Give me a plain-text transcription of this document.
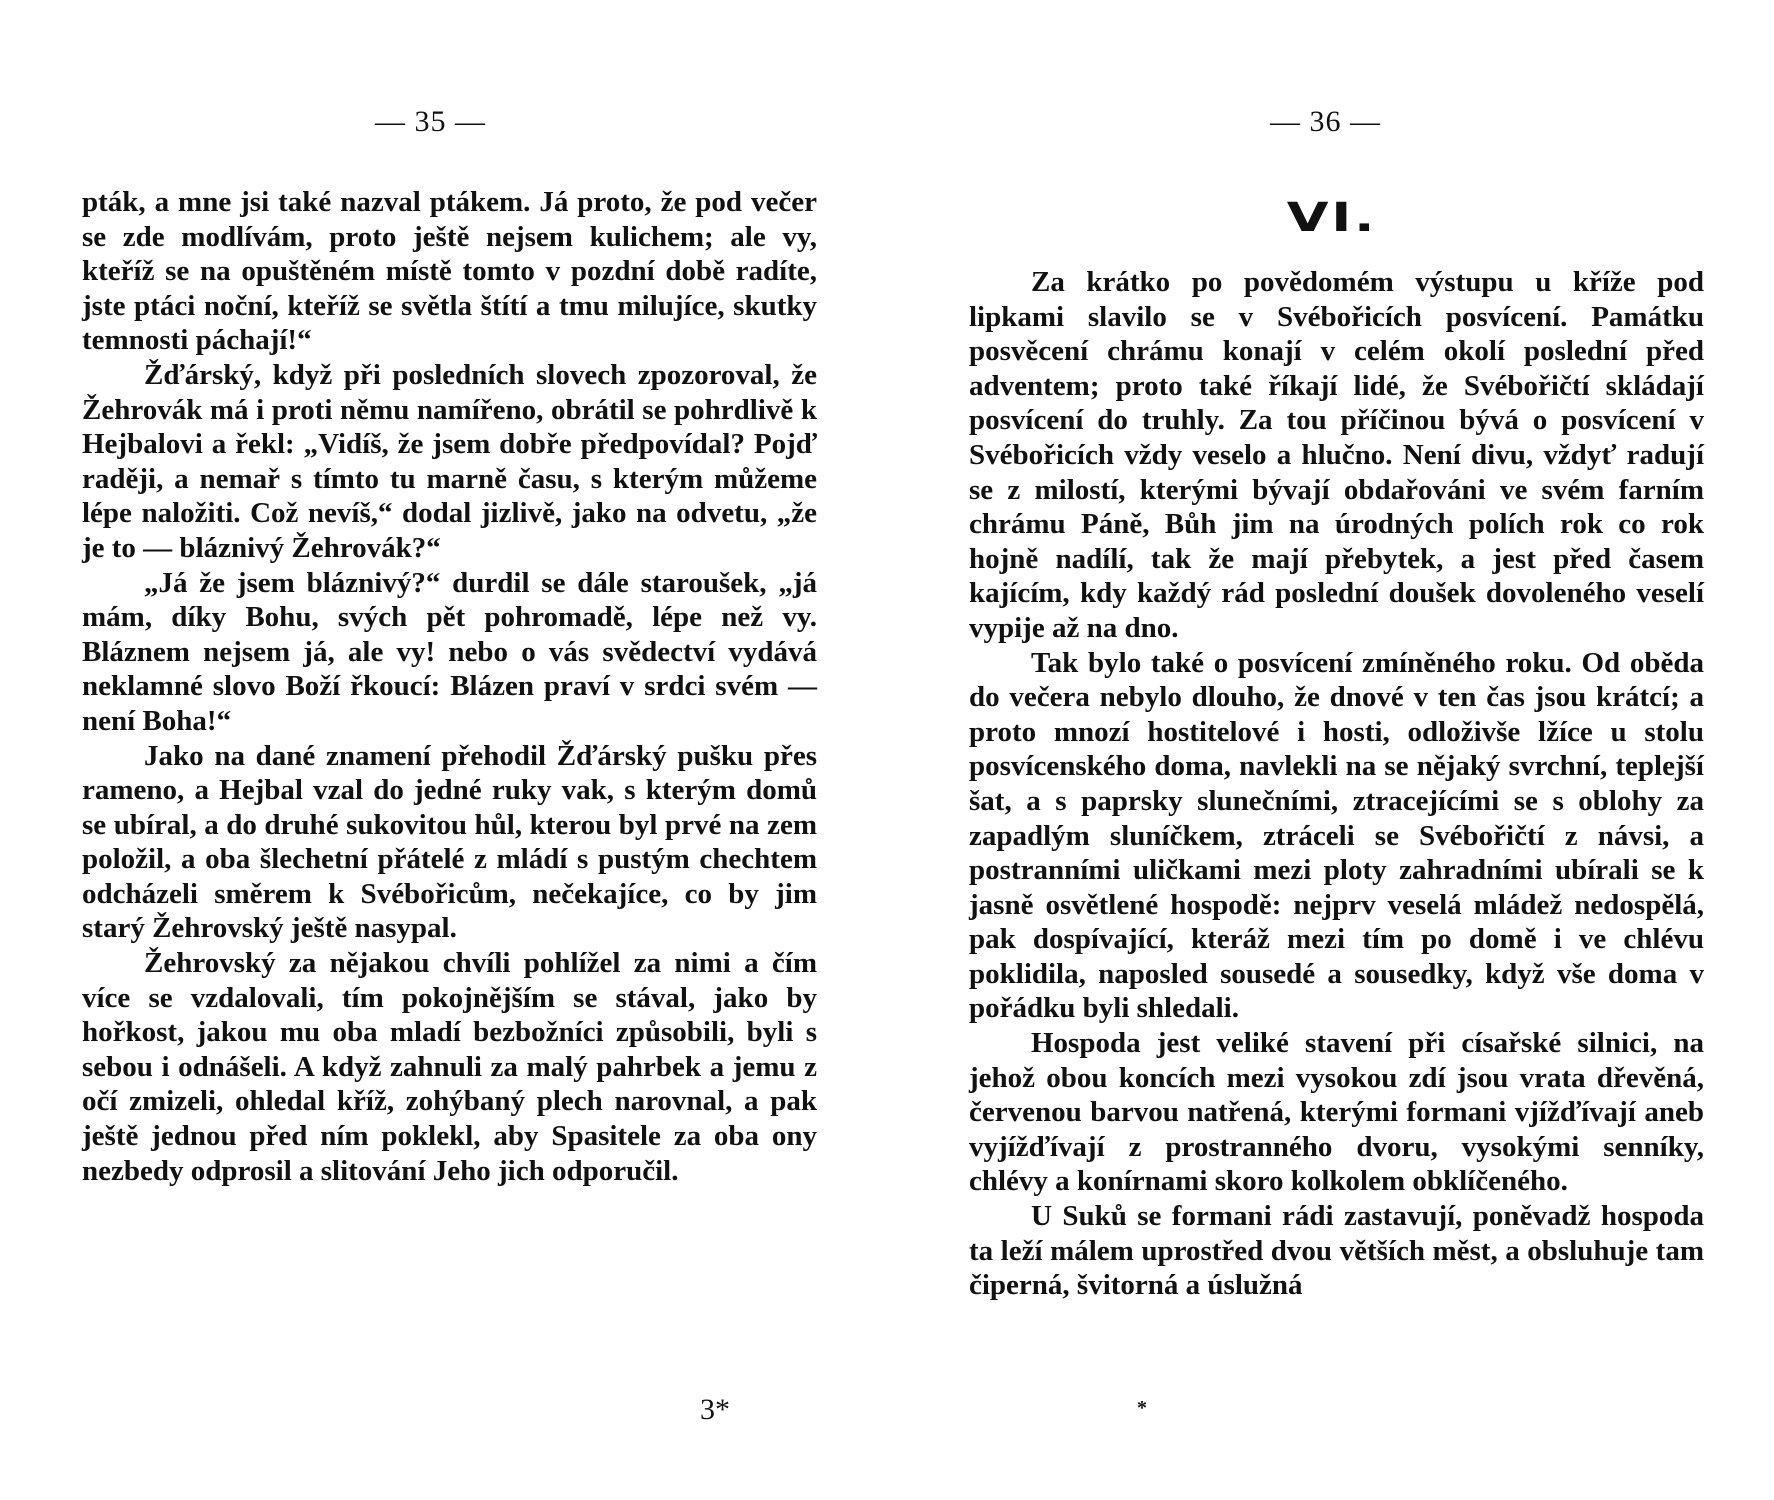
— 35 —

pták, a mne jsi také nazval ptákem. Já proto, že pod večer se zde modlívám, proto ještě nejsem kulichem; ale vy, kteříž se na opuštěném místě tomto v pozdní době radíte, jste ptáci noční, kteříž se světla štítí a tmu milujíce, skutky temnosti páchají!“

Žďárský, když při posledních slovech zpozoroval, že Žehrovák má i proti němu namířeno, obrátil se pohrdlivě k Hejbalovi a řekl: „Vidíš, že jsem dobře předpovídal? Pojď raději, a nemař s tímto tu marně času, s kterým můžeme lépe naložiti. Což nevíš,“ dodal jizlivě, jako na odvetu, „že je to — bláznivý Žehrovák?“

„Já že jsem bláznivý?“ durdil se dále staroušek, „já mám, díky Bohu, svých pět pohromadě, lépe než vy. Bláznem nejsem já, ale vy! nebo o vás svědectví vydává neklamné slovo Boží řkoucí: Blázen praví v srdci svém — není Boha!“

Jako na dané znamení přehodil Žďárský pušku přes rameno, a Hejbal vzal do jedné ruky vak, s kterým domů se ubíral, a do druhé sukovitou hůl, kterou byl prvé na zem položil, a oba šlechetní přátelé z mládí s pustým chechtem odcházeli směrem k Svébořicům, nečekajíce, co by jim starý Žehrovský ještě nasypal.

Žehrovský za nějakou chvíli pohlížel za nimi a čím více se vzdalovali, tím pokojnějším se stával, jako by hořkost, jakou mu oba mladí bezbožníci způsobili, byli s sebou i odnášeli. A když zahnuli za malý pahrbek a jemu z očí zmizeli, ohledal kříž, zohýbaný plech narovnal, a pak ještě jednou před ním poklekl, aby Spasitele za oba ony nezbedy odprosil a slitování Jeho jich odporučil.

3*
— 36 —
VI.

Za krátko po povědomém výstupu u kříže pod lipkami slavilo se v Svébořicích posvícení. Památku posvěcení chrámu konají v celém okolí poslední před adventem; proto také říkají lidé, že Svébořičtí skládají posvícení do truhly. Za tou příčinou bývá o posvícení v Svébořicích vždy veselo a hlučno. Není divu, vždyť radují se z milostí, kterými bývají obdařováni ve svém farním chrámu Páně, Bůh jim na úrodných polích rok co rok hojně nadílí, tak že mají přebytek, a jest před časem kajícím, kdy každý rád poslední doušek dovoleného veselí vypije až na dno.

Tak bylo také o posvícení zmíněného roku. Od oběda do večera nebylo dlouho, že dnové v ten čas jsou krátcí; a proto mnozí hostitelové i hosti, odloživše lžíce u stolu posvícenského doma, navlekli na se nějaký svrchní, teplejší šat, a s paprsky slunečními, ztracejícími se s oblohy za zapadlým sluníčkem, ztráceli se Svébořičtí z návsi, a postranními uličkami mezi ploty zahradními ubírali se k jasně osvětlené hospodě: nejprv veselá mládež nedospělá, pak dospívající, kteráž mezi tím po domě i ve chlévu poklidila, naposled sousedé a sousedky, když vše doma v pořádku byli shledali.

Hospoda jest veliké stavení při císařské silnici, na jehož obou koncích mezi vysokou zdí jsou vrata dřevěná, červenou barvou natřená, kterými formani vjížďívají aneb vyjížďívají z prostranného dvoru, vysokými senníky, chlévy a konírnami skoro kolkolem obklíčeného.

U Suků se formani rádi zastavují, poněvadž hospoda ta leží málem uprostřed dvou větších měst, a obsluhuje tam čiperná, švitorná a úslužná

*
